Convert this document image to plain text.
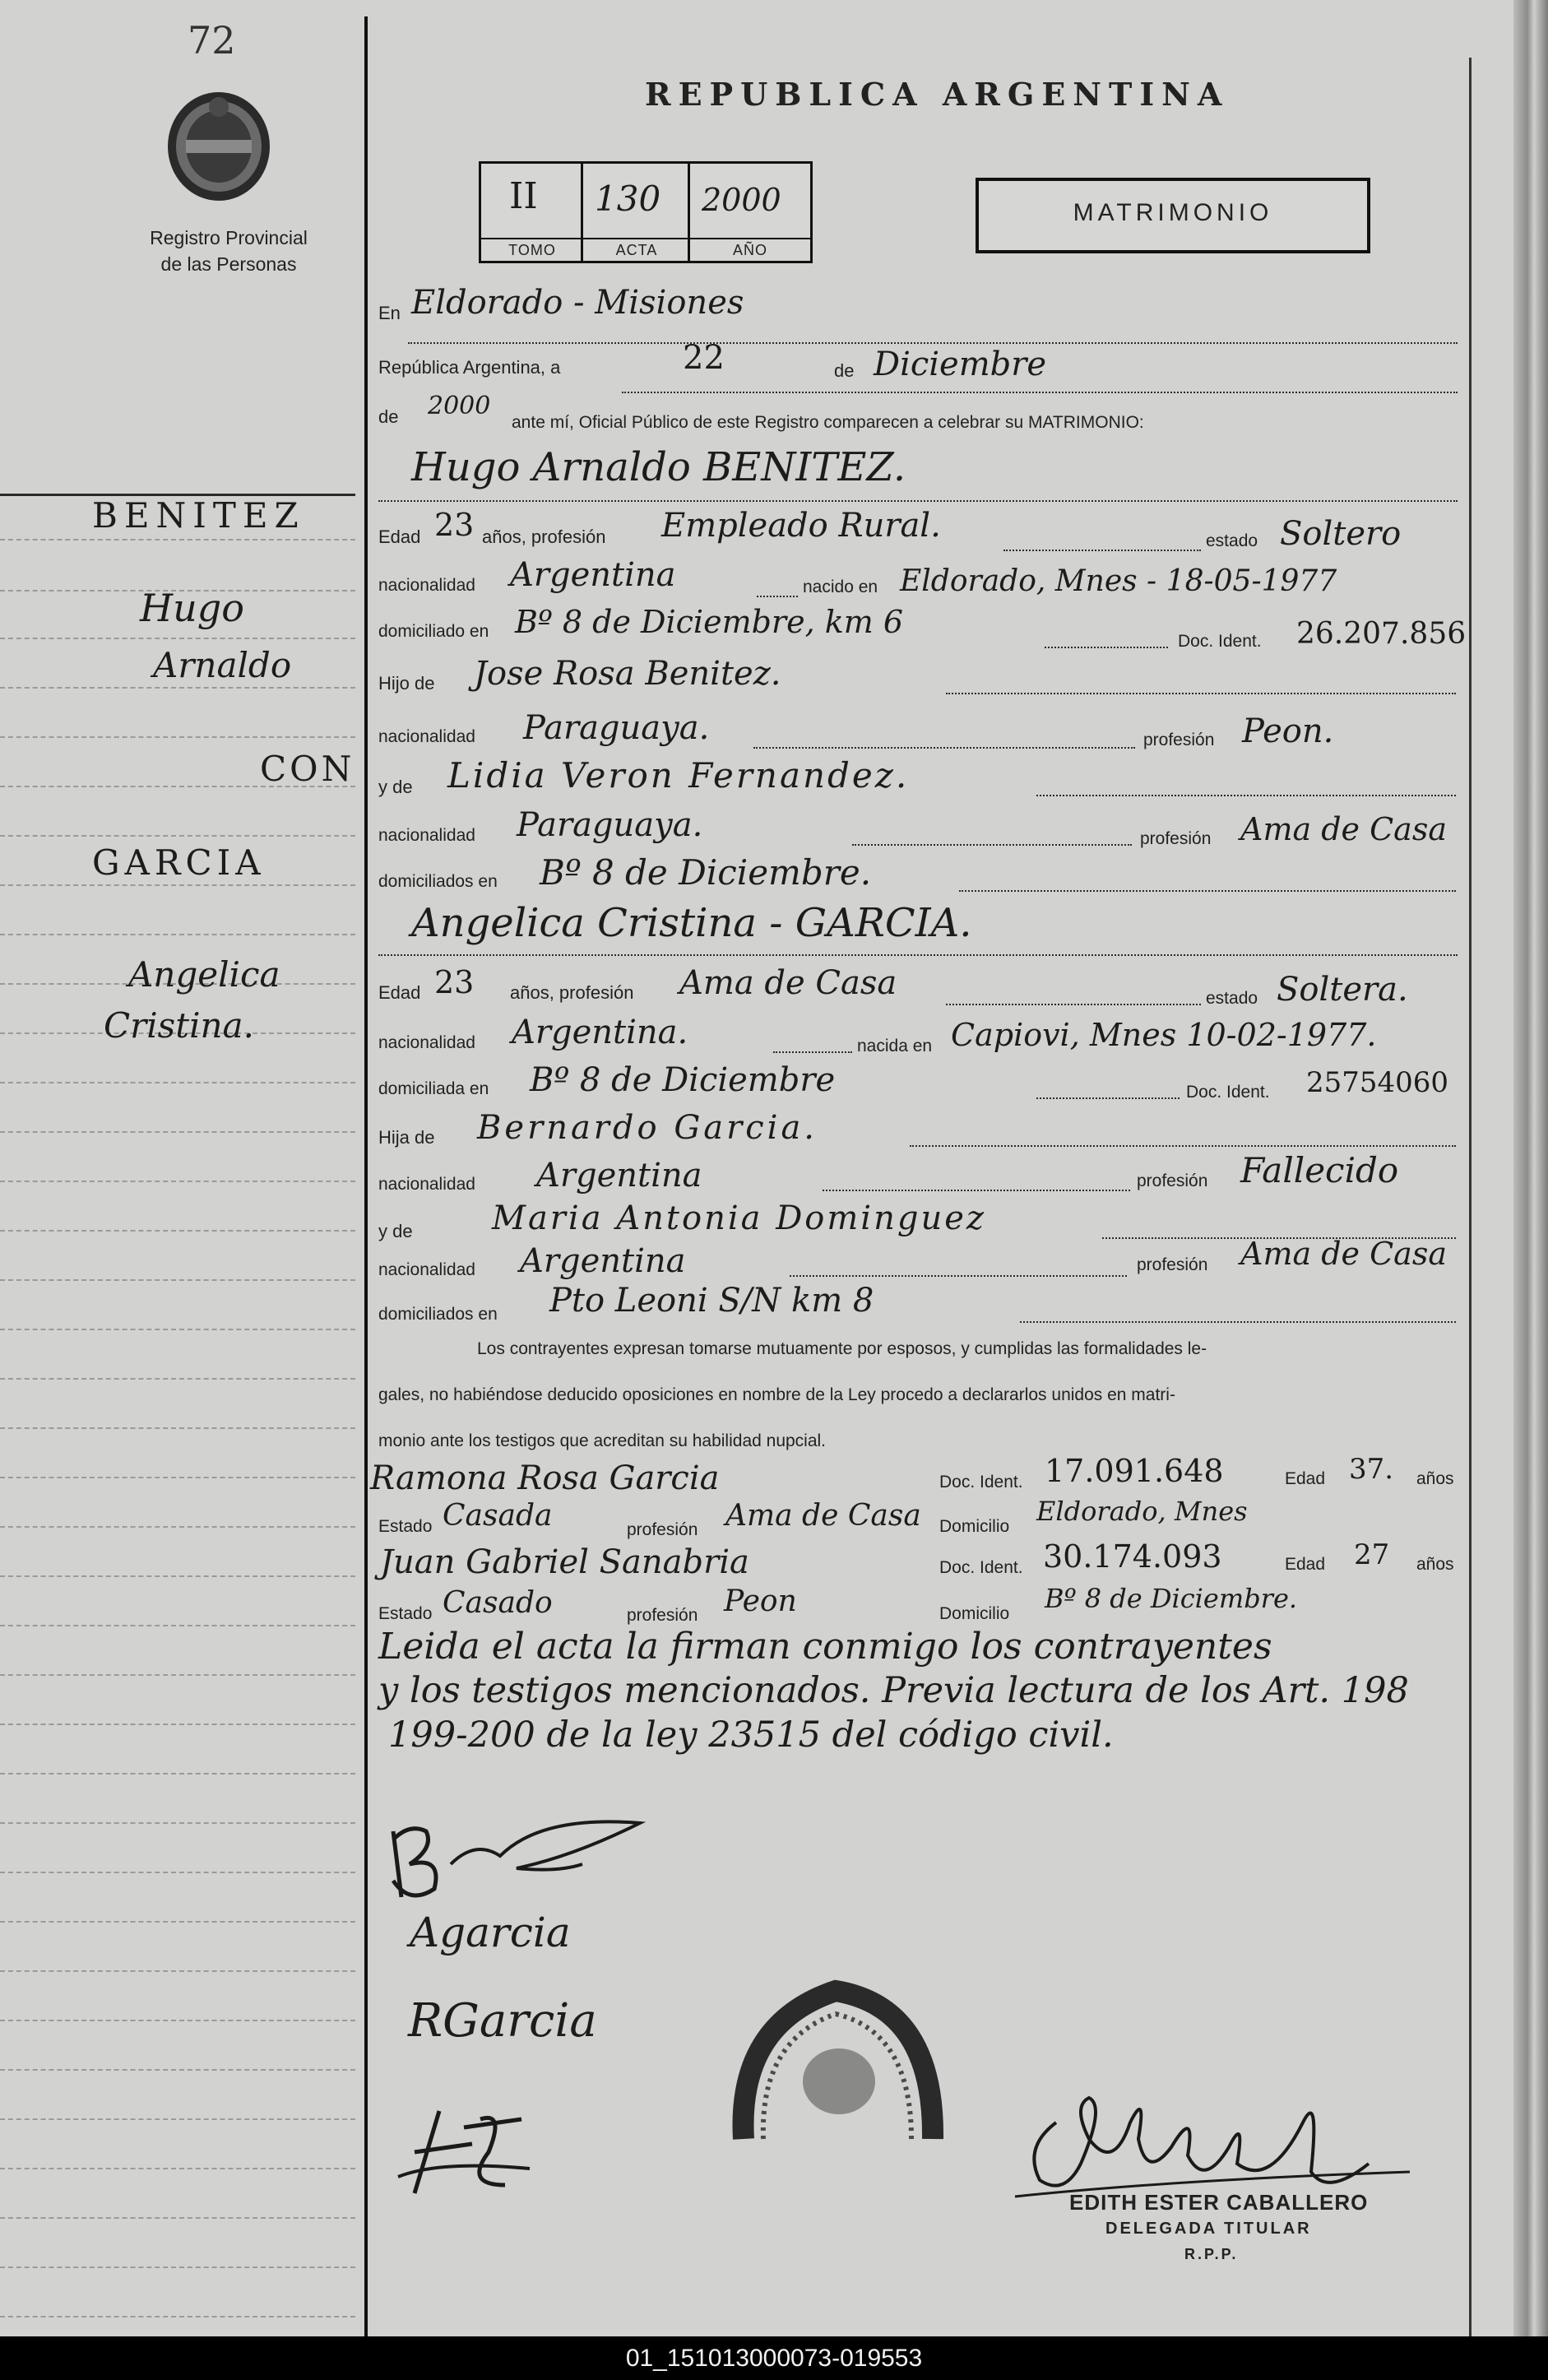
72
Registro Provincial
de las Personas
BENITEZ
Hugo
Arnaldo
CON
GARCIA
Angelica
Cristina.
REPUBLICA ARGENTINA
II
TOMO
130
ACTA
2000
AÑO
MATRIMONIO
En Eldorado - Misiones
República Argentina, a	22	de Diciembre
de 2000
ante mí, Oficial Público de este Registro comparecen a celebrar su MATRIMONIO:
Hugo Arnaldo BENITEZ.
Edad 23 años, profesión Empleado Rural.	estado Soltero
nacionalidad Argentina	nacido en Eldorado, Mnes - 18-05-1977
domiciliado en Bº 8 de Diciembre, km 6
Doc. Ident. 26.207.856
Hijo de Jose Rosa Benitez.
nacionalidad Paraguaya.	profesión Peon.
y de Lidia Veron Fernandez.
nacionalidad Paraguaya.	profesión Ama de Casa
domiciliados en Bº 8 de Diciembre.
Angelica Cristina - GARCIA.
Edad 23 años, profesión Ama de Casa	estado Soltera.
nacionalidad Argentina.	nacida en Capiovi, Mnes 10-02-1977.
domiciliada en Bº 8 de Diciembre	Doc. Ident. 25754060
Hija de Bernardo Garcia.
nacionalidad Argentina	profesión Fallecido
y de Maria Antonia Dominguez
nacionalidad Argentina	profesión Ama de Casa
domiciliados en Pto Leoni S/N km 8
Los contrayentes expresan tomarse mutuamente por esposos, y cumplidas las formalidades le-
gales, no habiéndose deducido oposiciones en nombre de la Ley procedo a declararlos unidos en matri-
monio ante los testigos que acreditan su habilidad nupcial.
Ramona Rosa Garcia	Doc. Ident. 17.091.648	Edad 37. años
Estado Casada	profesión Ama de Casa Domicilio Eldorado, Mnes
Juan Gabriel Sanabria	Doc. Ident. 30.174.093	Edad 27 años
Estado Casado	profesión Peon	Domicilio Bº 8 de Diciembre.
Leida el acta la firman conmigo los contrayentes
y los testigos mencionados. Previa lectura de los Art. 198
199-200 de la ley 23515 del código civil.
Agarcia
RGarcia
EDITH ESTER CABALLERO
DELEGADA TITULAR
R.P.P.
01_151013000073-019553
